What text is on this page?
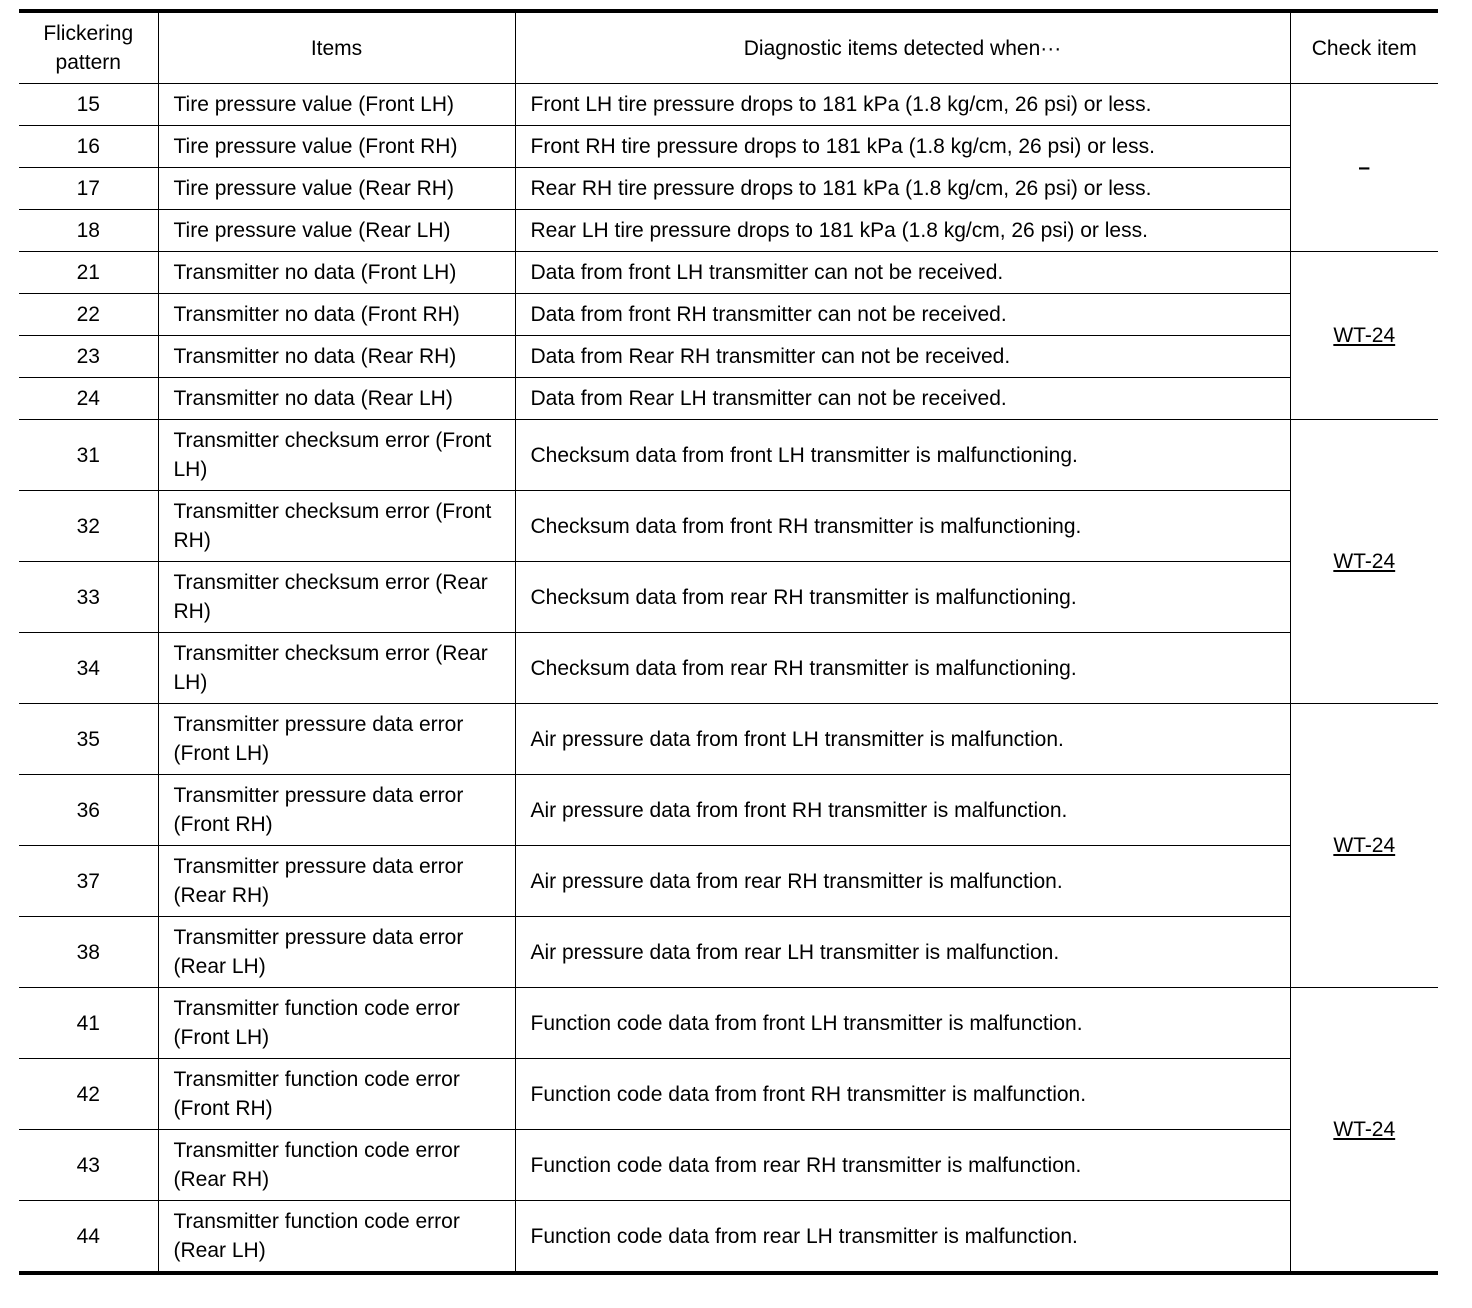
Flickering pattern	Items	Diagnostic items detected when···	Check item
15	Tire pressure value (Front LH)	Front LH tire pressure drops to 181 kPa (1.8 kg/cm, 26 psi) or less.	–
16	Tire pressure value (Front RH)	Front RH tire pressure drops to 181 kPa (1.8 kg/cm, 26 psi) or less.	
17	Tire pressure value (Rear RH)	Rear RH tire pressure drops to 181 kPa (1.8 kg/cm, 26 psi) or less.	
18	Tire pressure value (Rear LH)	Rear LH tire pressure drops to 181 kPa (1.8 kg/cm, 26 psi) or less.	
21	Transmitter no data (Front LH)	Data from front LH transmitter can not be received.	WT-24
22	Transmitter no data (Front RH)	Data from front RH transmitter can not be received.	
23	Transmitter no data (Rear RH)	Data from Rear RH transmitter can not be received.	
24	Transmitter no data (Rear LH)	Data from Rear LH transmitter can not be received.	
31	Transmitter checksum error (Front LH)	Checksum data from front LH transmitter is malfunctioning.	WT-24
32	Transmitter checksum error (Front RH)	Checksum data from front RH transmitter is malfunctioning.	
33	Transmitter checksum error (Rear RH)	Checksum data from rear RH transmitter is malfunctioning.	
34	Transmitter checksum error (Rear LH)	Checksum data from rear RH transmitter is malfunctioning.	
35	Transmitter pressure data error (Front LH)	Air pressure data from front LH transmitter is malfunction.	WT-24
36	Transmitter pressure data error (Front RH)	Air pressure data from front RH transmitter is malfunction.	
37	Transmitter pressure data error (Rear RH)	Air pressure data from rear RH transmitter is malfunction.	
38	Transmitter pressure data error (Rear LH)	Air pressure data from rear LH transmitter is malfunction.	
41	Transmitter function code error (Front LH)	Function code data from front LH transmitter is malfunction.	WT-24
42	Transmitter function code error (Front RH)	Function code data from front RH transmitter is malfunction.	
43	Transmitter function code error (Rear RH)	Function code data from rear RH transmitter is malfunction.	
44	Transmitter function code error (Rear LH)	Function code data from rear LH transmitter is malfunction.	
